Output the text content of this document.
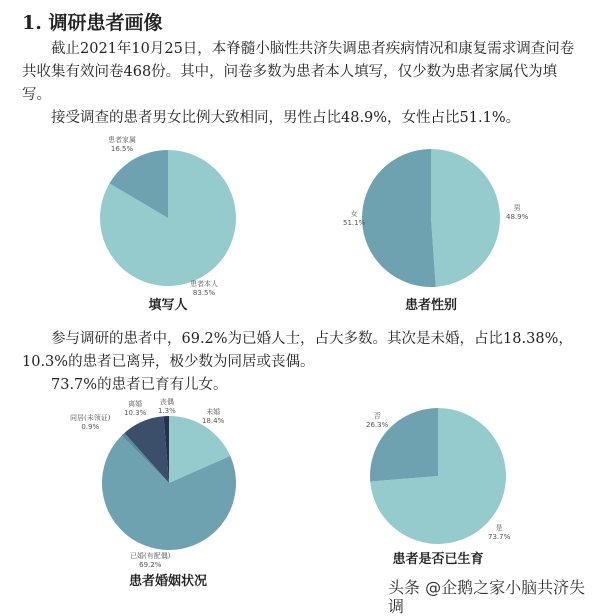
1. 调研患者画像

截止2021年10月25日，本脊髓小脑性共济失调患者疾病情况和康复需求调查问卷共收集有效问卷468份。其中，问卷多数为患者本人填写，仅少数为患者家属代为填写。

接受调查的患者男女比例大致相同，男性占比48.9%，女性占比51.1%。

参与调研的患者中，69.2%为已婚人士，占大多数。其次是未婚，占比18.38%，10.3%的患者已离异，极少数为同居或丧偶。

73.7%的患者已育有儿女。

患者家属
16.5%
患者本人
83.5%
填写人
女
51.1%
男
48.9%
患者性别
未婚
18.4%
已婚(有配偶)
69.2%
同居(未领证)
0.9%
离婚
10.3%
丧偶
1.3%
患者婚姻状况
否
26.3%
是
73.7%
患者是否已生育
头条 @企鹅之家小脑共济失调
